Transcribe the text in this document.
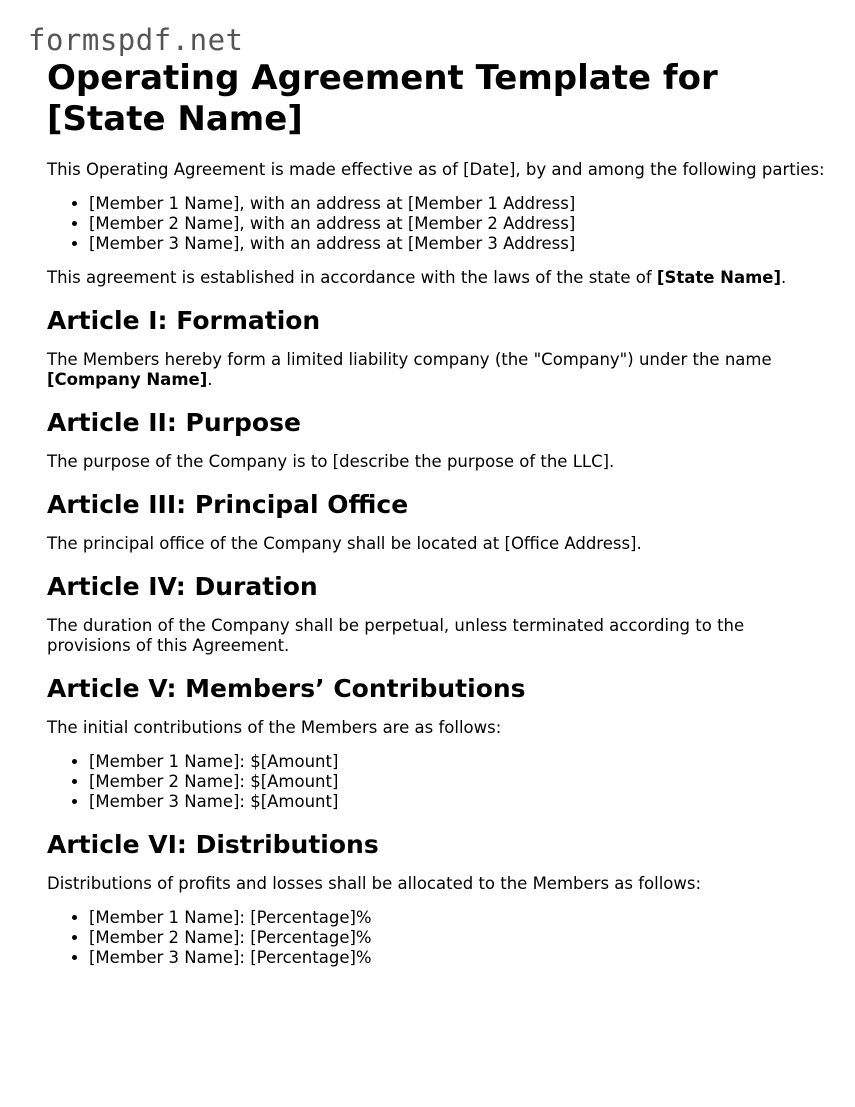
formspdf.net
Operating Agreement Template for [State Name]

This Operating Agreement is made effective as of [Date], by and among the following parties:

• [Member 1 Name], with an address at [Member 1 Address]
• [Member 2 Name], with an address at [Member 2 Address]
• [Member 3 Name], with an address at [Member 3 Address]

This agreement is established in accordance with the laws of the state of [State Name].

Article I: Formation

The Members hereby form a limited liability company (the "Company") under the name [Company Name].

Article II: Purpose

The purpose of the Company is to [describe the purpose of the LLC].

Article III: Principal Office

The principal office of the Company shall be located at [Office Address].

Article IV: Duration

The duration of the Company shall be perpetual, unless terminated according to the provisions of this Agreement.

Article V: Members’ Contributions

The initial contributions of the Members are as follows:

• [Member 1 Name]: $[Amount]
• [Member 2 Name]: $[Amount]
• [Member 3 Name]: $[Amount]
Article VI: Distributions

Distributions of profits and losses shall be allocated to the Members as follows:

• [Member 1 Name]: [Percentage]%
• [Member 2 Name]: [Percentage]%
• [Member 3 Name]: [Percentage]%
